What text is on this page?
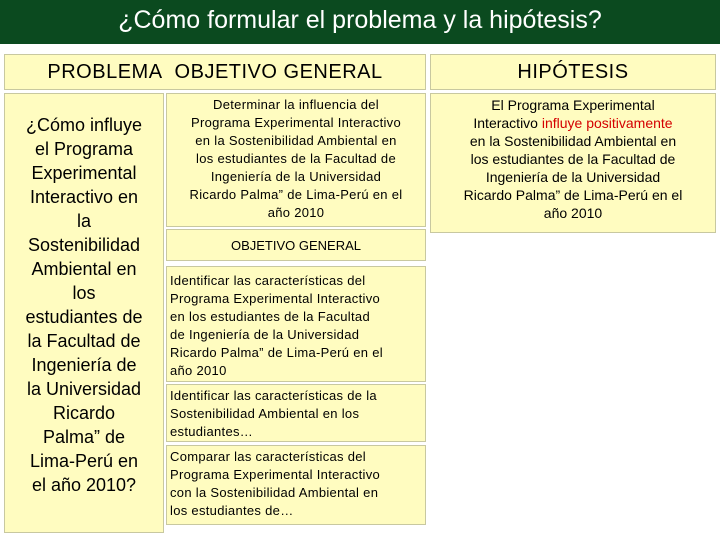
¿Cómo formular el problema y la hipótesis?
PROBLEMA OBJETIVO GENERAL	HIPÓTESIS
¿Cómo influye
el Programa
Experimental
Interactivo en
la
Sostenibilidad
Ambiental en
los
estudiantes de
la Facultad de
Ingeniería de
la Universidad
Ricardo
Palma” de
Lima-Perú en
el año 2010?
Determinar la influencia del
Programa Experimental Interactivo
en la Sostenibilidad Ambiental en
los estudiantes de la Facultad de
Ingeniería de la Universidad
Ricardo Palma” de Lima-Perú en el
año 2010
OBJETIVO GENERAL
Identificar las características del
Programa Experimental Interactivo
en los estudiantes de la Facultad
de Ingeniería de la Universidad
Ricardo Palma” de Lima-Perú en el
año 2010
Identificar las características de la
Sostenibilidad Ambiental en los
estudiantes…
Comparar las características del
Programa Experimental Interactivo
con la Sostenibilidad Ambiental en
los estudiantes de…
El Programa Experimental
Interactivo influye positivamente
en la Sostenibilidad Ambiental en
los estudiantes de la Facultad de
Ingeniería de la Universidad
Ricardo Palma” de Lima-Perú en el
año 2010
